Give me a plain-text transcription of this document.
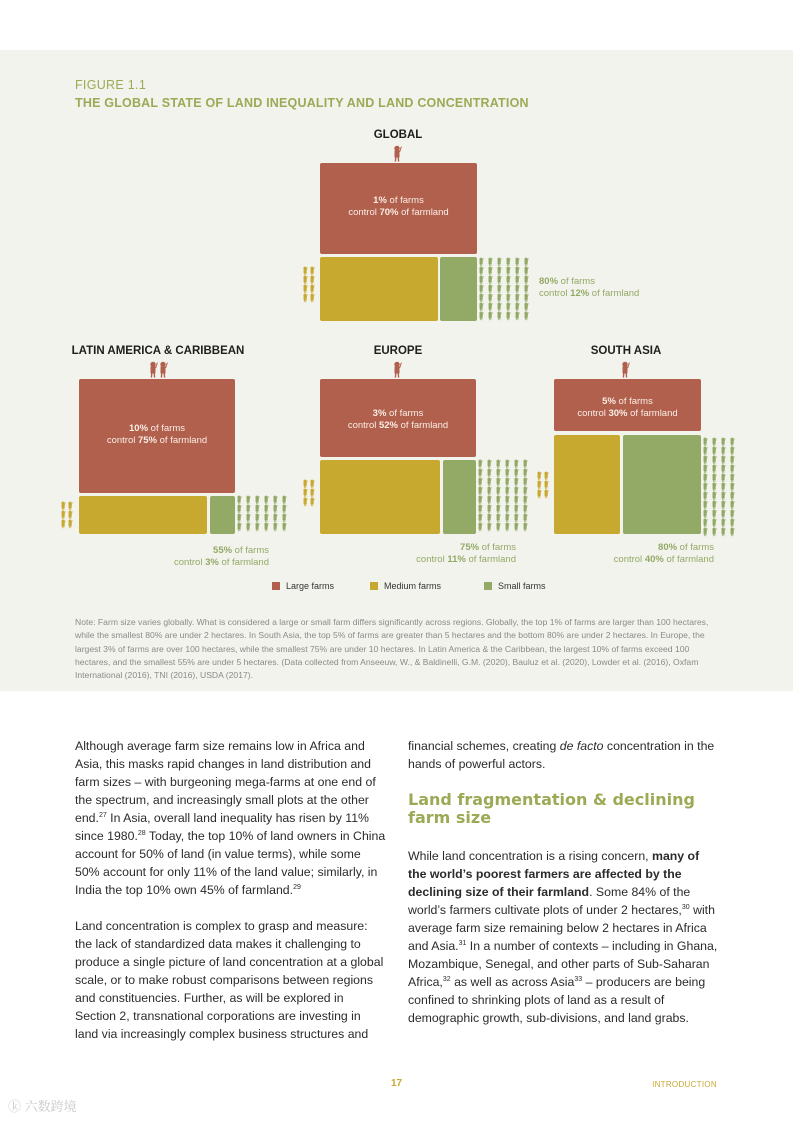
FIGURE 1.1
THE GLOBAL STATE OF LAND INEQUALITY AND LAND CONCENTRATION
GLOBAL
1% of farms
control 70% of farmland
80% of farms
control 12% of farmland
LATIN AMERICA & CARIBBEAN
10% of farms
control 75% of farmland
55% of farms
control 3% of farmland
EUROPE
3% of farms
control 52% of farmland
75% of farms
control 11% of farmland
SOUTH ASIA
5% of farms
control 30% of farmland
80% of farms
control 40% of farmland
Large farms	Medium farms	Small farms
Note: Farm size varies globally. What is considered a large or small farm differs significantly across regions. Globally, the top 1% of farms are larger than 100 hectares, while the smallest 80% are under 2 hectares. In South Asia, the top 5% of farms are greater than 5 hectares and the bottom 80% are under 2 hectares. In Europe, the largest 3% of farms are over 100 hectares, while the smallest 75% are under 10 hectares. In Latin America & the Caribbean, the largest 10% of farms exceed 100 hectares, and the smallest 55% are under 5 hectares. (Data collected from Anseeuw, W., & Baldinelli, G.M. (2020), Bauluz et al. (2020), Lowder et al. (2016), Oxfam International (2016), TNI (2016), USDA (2017).

Although average farm size remains low in Africa and Asia, this masks rapid changes in land distribution and farm sizes – with burgeoning mega-farms at one end of the spectrum, and increasingly small plots at the other end.$^{27}$ In Asia, overall land inequality has risen by 11% since 1980.28 Today, the top 10% of land owners in China account for 50% of land (in value terms), while some 50% account for only 11% of the land value; similarly, in India the top 10% own 45% of farmland.$^{29}$

Land concentration is complex to grasp and measure: the lack of standardized data makes it challenging to produce a single picture of land concentration at a global scale, or to make robust comparisons between regions and constituencies. Further, as will be explored in Section 2, transnational corporations are investing in land via increasingly complex business structures and

financial schemes, creating de facto concentration in the hands of powerful actors.

Land fragmentation & declining farm size

While land concentration is a rising concern, many of the world’s poorest farmers are affected by the declining size of their farmland. Some 84% of the world’s farmers cultivate plots of under 2 hectares,$^{30}$ with average farm size remaining below 2 hectares in Africa and Asia.$^{31}$ In a number of contexts – including in Ghana, Mozambique, Senegal, and other parts of Sub-Saharan Africa,$^{32}$ as well as across Asia$^{33}$ – producers are being confined to shrinking plots of land as a result of demographic growth, sub-divisions, and land grabs.

17	INTRODUCTION
ⓚ 六数跨境
